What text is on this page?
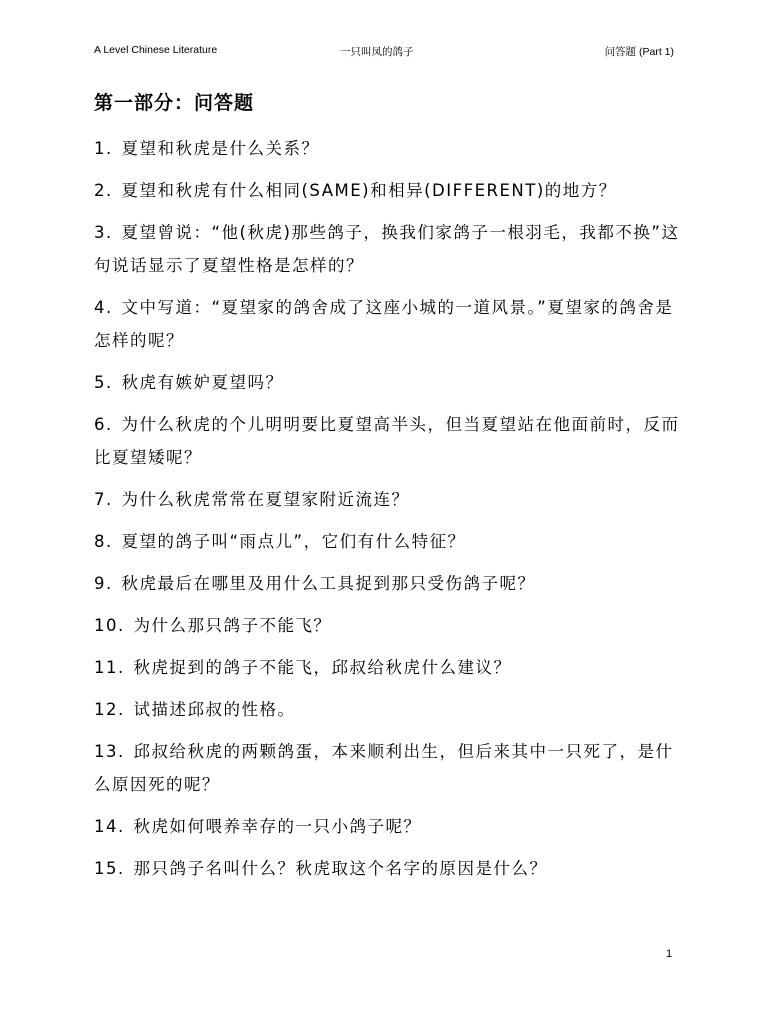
A Level Chinese Literature	一只叫凤的鸽子	问答题 (Part 1)
第一部分：问答题
1. 夏望和秋虎是什么关系？
2. 夏望和秋虎有什么相同(SAME)和相异(DIFFERENT)的地方？
3. 夏望曾说：“他(秋虎)那些鸽子，换我们家鸽子一根羽毛，我都不换”这句说话显示了夏望性格是怎样的？
4. 文中写道：“夏望家的鸽舍成了这座小城的一道风景。”夏望家的鸽舍是怎样的呢？
5. 秋虎有嫉妒夏望吗？
6. 为什么秋虎的个儿明明要比夏望高半头，但当夏望站在他面前时，反而比夏望矮呢？
7. 为什么秋虎常常在夏望家附近流连？
8. 夏望的鸽子叫“雨点儿”，它们有什么特征？
9. 秋虎最后在哪里及用什么工具捉到那只受伤鸽子呢？
10. 为什么那只鸽子不能飞？
11. 秋虎捉到的鸽子不能飞，邱叔给秋虎什么建议？
12. 试描述邱叔的性格。
13. 邱叔给秋虎的两颗鸽蛋，本来顺利出生，但后来其中一只死了，是什么原因死的呢？
14. 秋虎如何喂养幸存的一只小鸽子呢？
15. 那只鸽子名叫什么？秋虎取这个名字的原因是什么？
1
